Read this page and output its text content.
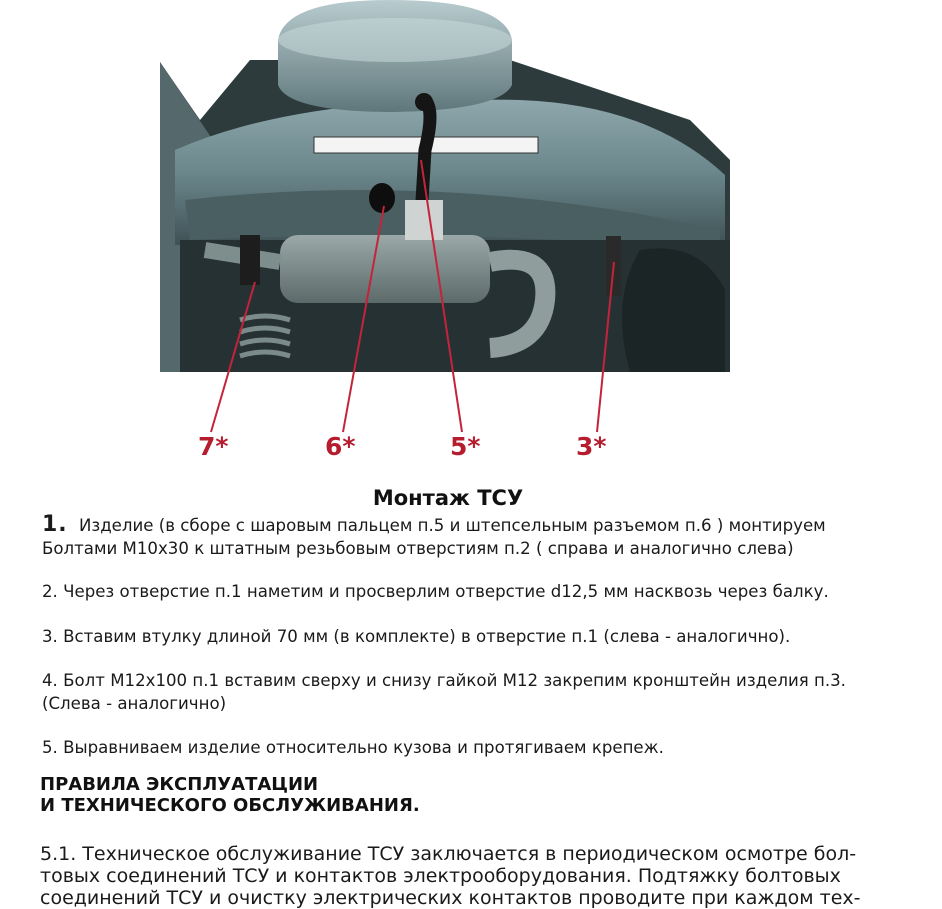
7*	6*	5*	3*
Монтаж ТСУ
1. Изделие (в сборе с шаровым пальцем п.5 и штепсельным разъемом п.6 ) монтируем
Болтами М10х30 к штатным резьбовым отверстиям п.2 ( справа и аналогично слева)
2. Через отверстие п.1 наметим и просверлим отверстие d12,5 мм насквозь через балку.
3. Вставим втулку длиной 70 мм (в комплекте) в отверстие п.1 (слева - аналогично).
4. Болт М12х100 п.1 вставим сверху и снизу гайкой М12 закрепим кронштейн изделия п.3.
(Слева - аналогично)
5. Выравниваем изделие относительно кузова и протягиваем крепеж.
ПРАВИЛА ЭКСПЛУАТАЦИИ
И ТЕХНИЧЕСКОГО ОБСЛУЖИВАНИЯ.
5.1. Техническое обслуживание ТСУ заключается в периодическом осмотре бол-
товых соединений ТСУ и контактов электрооборудования. Подтяжку болтовых
соединений ТСУ и очистку электрических контактов проводите при каждом тех-
